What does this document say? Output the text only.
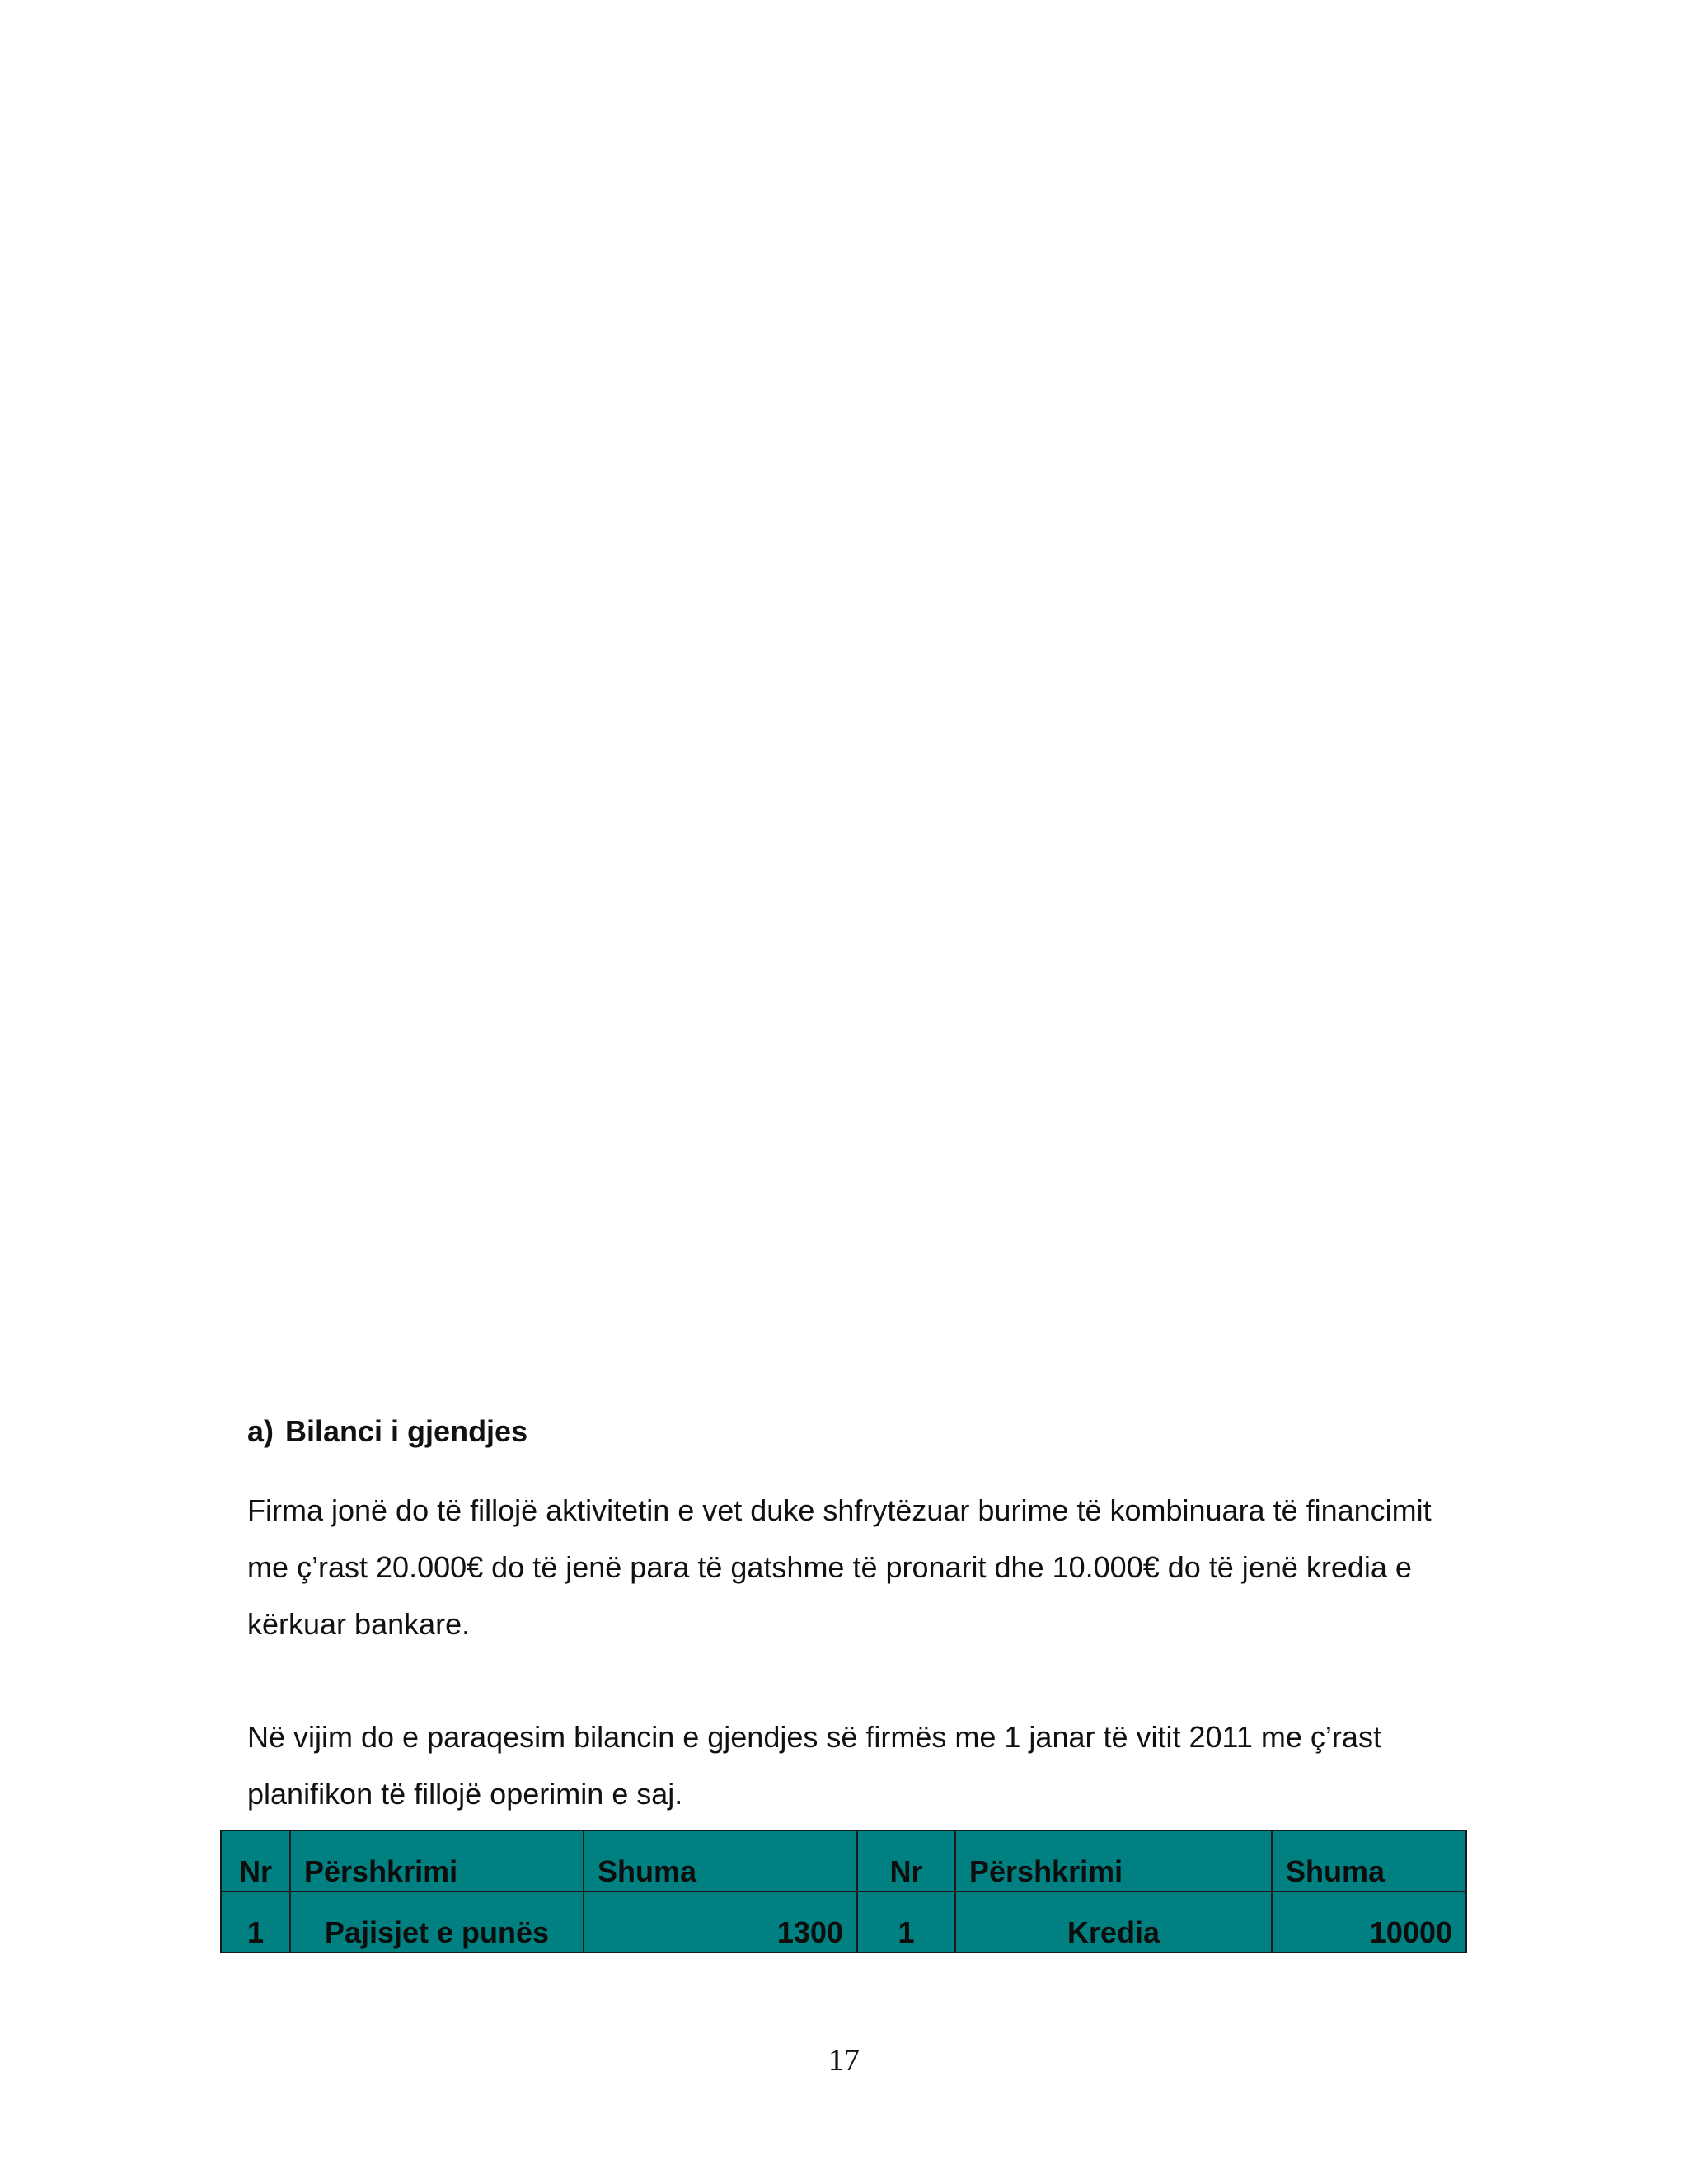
a) Bilanci i gjendjes

Firma jonë do të fillojë aktivitetin e vet duke shfrytëzuar burime të kombinuara të financimit me ç’rast 20.000€ do të jenë para të gatshme të pronarit dhe 10.000€ do të jenë kredia e kërkuar bankare.

Në vijim do e paraqesim bilancin e gjendjes së firmës me 1 janar të vitit 2011 me ç’rast planifikon të fillojë operimin e saj.

Nr	Përshkrimi	Shuma	Nr	Përshkrimi	Shuma
1	Pajisjet e punës	1300	1	Kredia	10000
17
